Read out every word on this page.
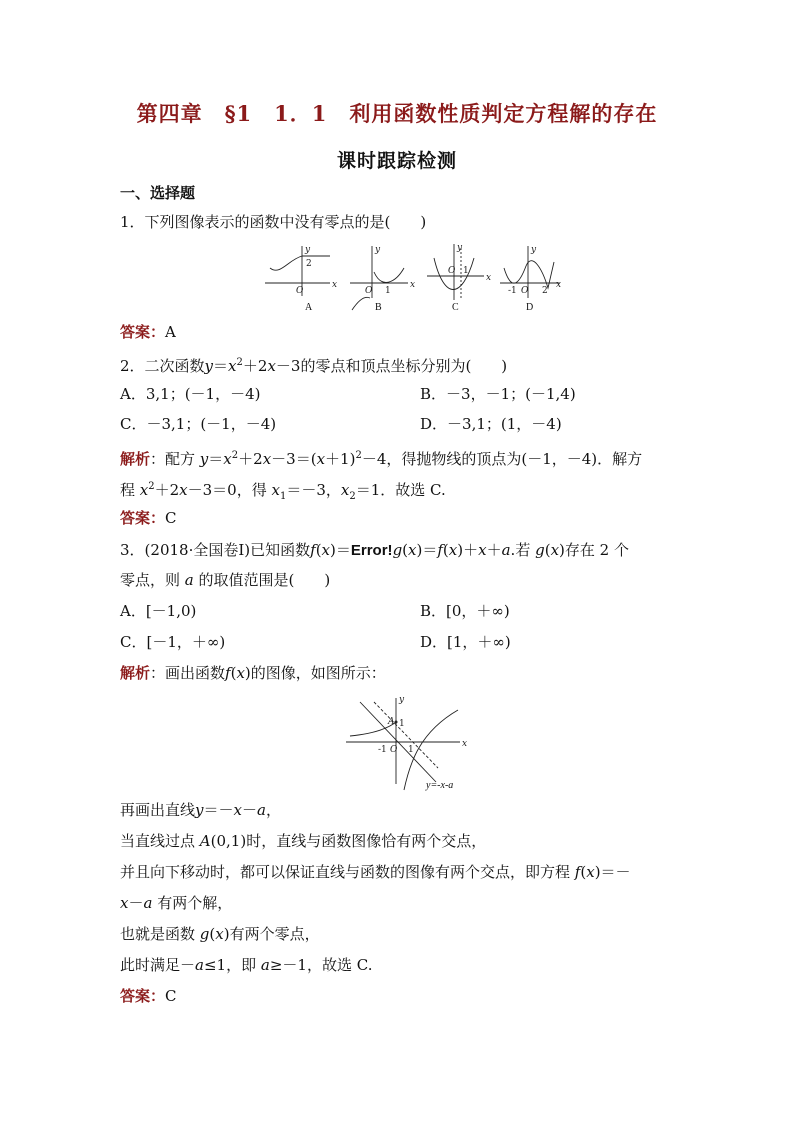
第四章　§1　1．1　利用函数性质判定方程解的存在
课时跟踪检测
一、选择题
1．下列图像表示的函数中没有零点的是(　　)
y
2
O
x
y
O 1
x
y
O 1
x
y
-1 O 2
x
A	B	C	D
答案：A
2．二次函数$y=x^2+2x-3$的零点和顶点坐标分别为(　　)
A．3,1；(－1，－4)	B．－3，－1；(－1,4)
C．－3,1；(－1，－4)	D．－3,1；(1，－4)
解析：配方 $y=x^2+2x-3=(x+1)^2-4$，得抛物线的顶点为(－1，－4)．解方
程 $x^2+2x-3=0$，得 $x_1=-3$，$x_2=1$．故选 C.
答案：C
3．(2018·全国卷Ⅰ)已知函数f(x)＝Error!g(x)＝f(x)＋x＋a.若 g(x)存在 2 个
零点，则 a 的取值范围是(　　)
A．[－1,0)	B．[0，＋∞)
C．[－1，＋∞)	D．[1，＋∞)
解析：画出函数f(x)的图像，如图所示：
y
A 1
-1 O 1
x
y=-x-a
再画出直线y＝－x－a，
当直线过点 A(0,1)时，直线与函数图像恰有两个交点，
并且向下移动时，都可以保证直线与函数的图像有两个交点，即方程 f(x)＝－
x－a 有两个解，
也就是函数 g(x)有两个零点，
此时满足－a≤1，即 a≥－1，故选 C.
答案：C
